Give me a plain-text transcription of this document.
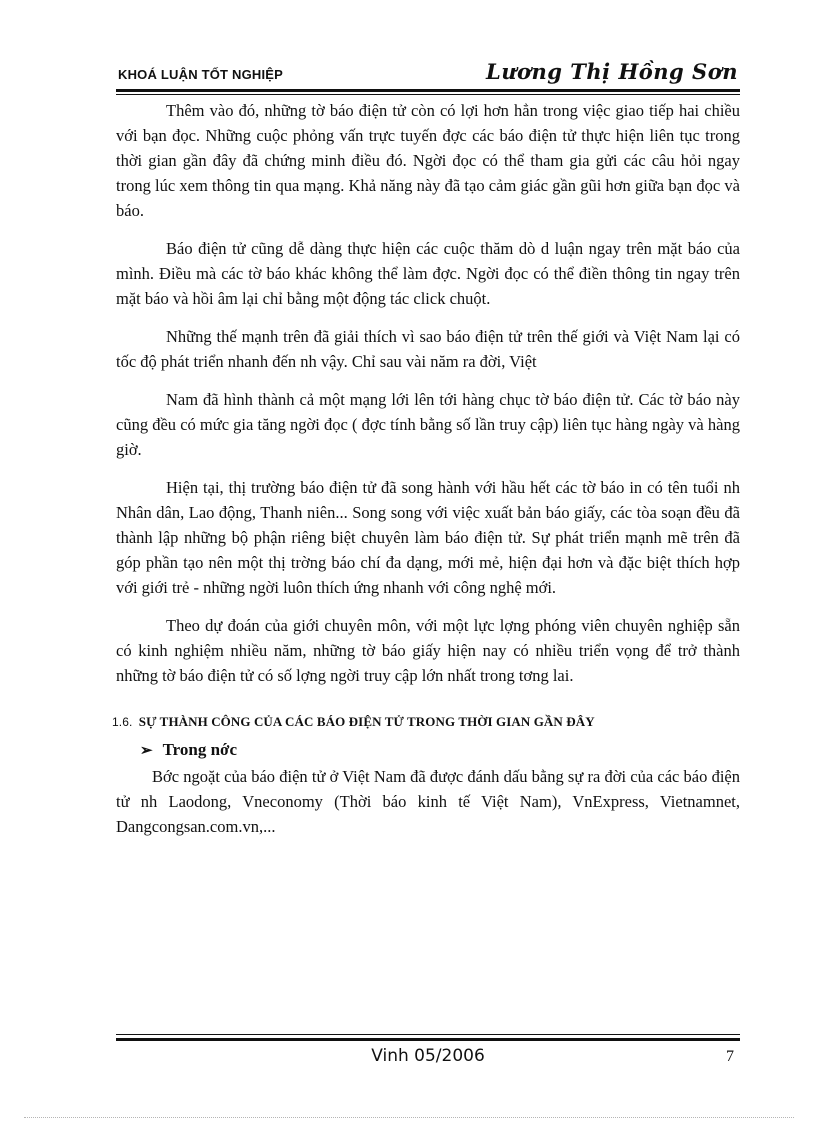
KHOÁ LUẬN TỐT NGHIỆP	Lương Thị Hồng Sơn

Thêm vào đó, những tờ báo điện tử còn có lợi hơn hẳn trong việc giao tiếp hai chiều với bạn đọc. Những cuộc phỏng vấn trực tuyến đợc các báo điện tử thực hiện liên tục trong thời gian gần đây đã chứng minh điều đó. Ngời đọc có thể tham gia gửi các câu hỏi ngay trong lúc xem thông tin qua mạng. Khả năng này đã tạo cảm giác gần gũi hơn giữa bạn đọc và báo.

Báo điện tử cũng dễ dàng thực hiện các cuộc thăm dò d luận ngay trên mặt báo của mình. Điều mà các tờ báo khác không thể làm đợc. Ngời đọc có thể điền thông tin ngay trên mặt báo và hồi âm lại chỉ bằng một động tác click chuột.

Những thế mạnh trên đã giải thích vì sao báo điện tử trên thế giới và Việt Nam lại có tốc độ phát triển nhanh đến nh vậy. Chỉ sau vài năm ra đời, Việt

Nam đã hình thành cả một mạng lới lên tới hàng chục tờ báo điện tử. Các tờ báo này cũng đều có mức gia tăng ngời đọc ( đợc tính bằng số lần truy cập) liên tục hàng ngày và hàng giờ.

Hiện tại, thị trường báo điện tử đã song hành với hầu hết các tờ báo in có tên tuổi nh Nhân dân, Lao động, Thanh niên... Song song với việc xuất bản báo giấy, các tòa soạn đều đã thành lập những bộ phận riêng biệt chuyên làm báo điện tử. Sự phát triển mạnh mẽ trên đã góp phần tạo nên một thị trờng báo chí đa dạng, mới mẻ, hiện đại hơn và đặc biệt thích hợp với giới trẻ - những ngời luôn thích ứng nhanh với công nghệ mới.

Theo dự đoán của giới chuyên môn, với một lực lợng phóng viên chuyên nghiệp sẵn có kinh nghiệm nhiều năm, những tờ báo giấy hiện nay có nhiều triển vọng để trở thành những tờ báo điện tử có số lợng ngời truy cập lớn nhất trong tơng lai.

1.6. SỰ THÀNH CÔNG CỦA CÁC BÁO ĐIỆN TỬ TRONG THỜI GIAN GẦN ĐÂY
➢ Trong nớc

Bớc ngoặt của báo điện tử ở Việt Nam đã được đánh dấu bằng sự ra đời của các báo điện tử nh Laodong, Vneconomy (Thời báo kinh tế Việt Nam), VnExpress, Vietnamnet, Dangcongsan.com.vn,...

Vinh 05/2006	7
